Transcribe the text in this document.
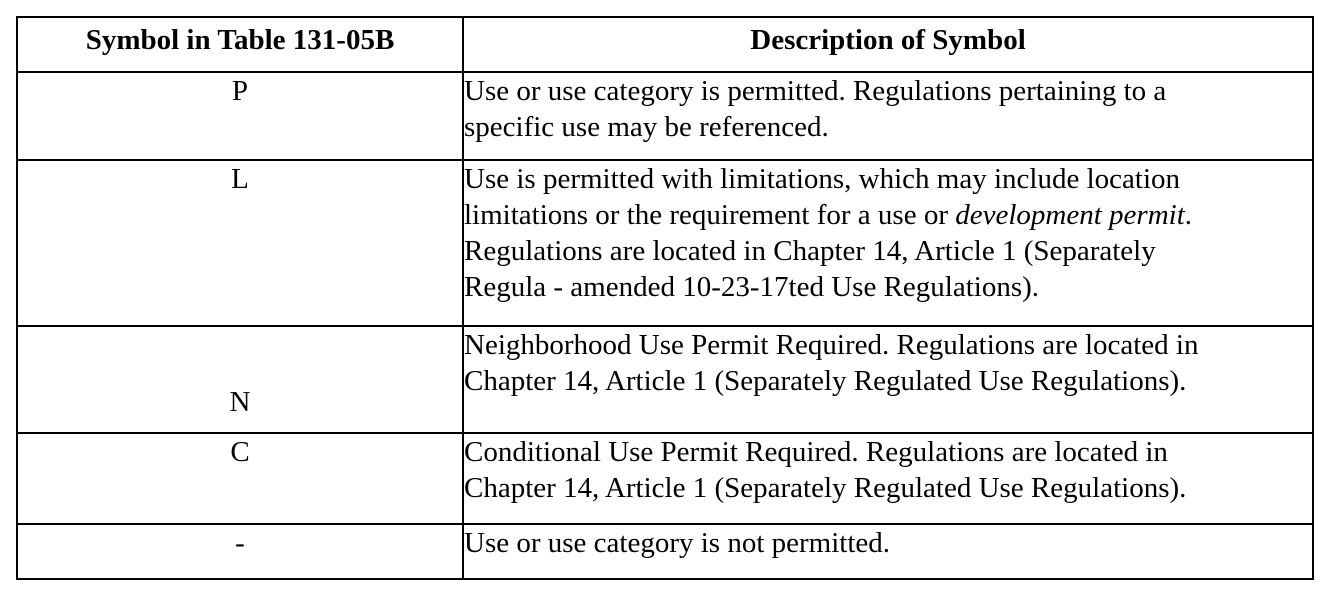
Symbol in Table 131-05B	Description of Symbol
P	Use or use category is permitted. Regulations pertaining to a
specific use may be referenced.

L	Use is permitted with limitations, which may include location
limitations or the requirement for a use or development permit.
Regulations are located in Chapter 14, Article 1 (Separately
Regula - amended 10-23-17ted Use Regulations).

N	Neighborhood Use Permit Required. Regulations are located in
Chapter 14, Article 1 (Separately Regulated Use Regulations).

C	Conditional Use Permit Required. Regulations are located in
Chapter 14, Article 1 (Separately Regulated Use Regulations).

-	Use or use category is not permitted.
